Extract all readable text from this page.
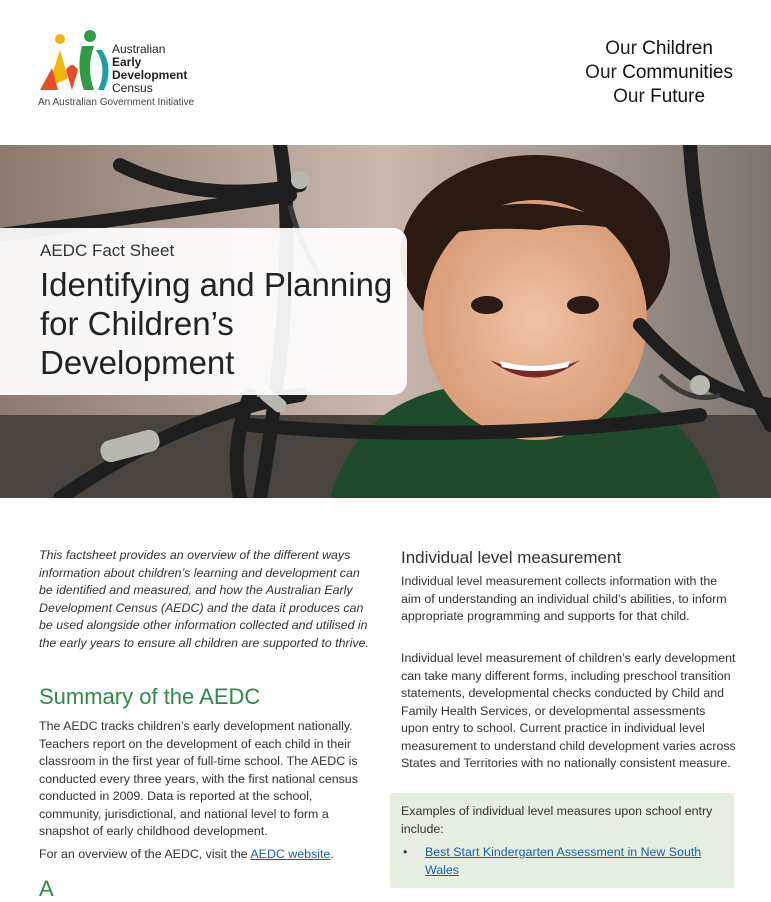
Australian
Early
Development
Census
An Australian Government Initiative
Our Children
Our Communities
Our Future
AEDC Fact Sheet
Identifying and Planning for Children’s Development

This factsheet provides an overview of the different ways information about children’s learning and development can be identified and measured, and how the Australian Early Development Census (AEDC) and the data it produces can be used alongside other information collected and utilised in the early years to ensure all children are supported to thrive.

Summary of the AEDC

The AEDC tracks children’s early development nationally. Teachers report on the development of each child in their classroom in the first year of full-time school. The AEDC is conducted every three years, with the first national census conducted in 2009. Data is reported at the school, community, jurisdictional, and national level to form a snapshot of early childhood development.

For an overview of the AEDC, visit the AEDC website.

A
Individual level measurement

Individual level measurement collects information with the aim of understanding an individual child’s abilities, to inform appropriate programming and supports for that child.

Individual level measurement of children’s early development can take many different forms, including preschool transition statements, developmental checks conducted by Child and Family Health Services, or developmental assessments upon entry to school. Current practice in individual level measurement to understand child development varies across States and Territories with no nationally consistent measure.

Examples of individual level measures upon school entry include:

• Best Start Kindergarten Assessment in New South Wales
